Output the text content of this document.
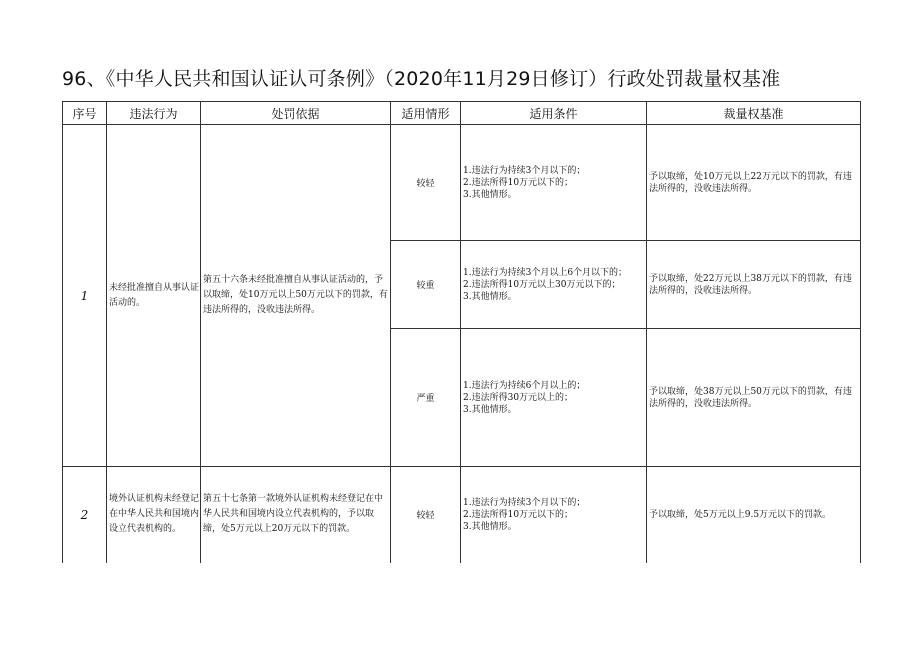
96、《中华人民共和国认证认可条例》（2020年11月29日修订）行政处罚裁量权基准
序号	违法行为	处罚依据	适用情形	适用条件	裁量权基准
1	未经批准擅自从事认证活动的。	第五十六条未经批准擅自从事认证活动的，予以取缔，处10万元以上50万元以下的罚款，有违法所得的，没收违法所得。	较轻	1.违法行为持续3个月以下的；
2.违法所得10万元以下的；
3.其他情形。	予以取缔，处10万元以上22万元以下的罚款，有违法所得的，没收违法所得。

			较重	1.违法行为持续3个月以上6个月以下的；
2.违法所得10万元以上30万元以下的；
3.其他情形。	予以取缔，处22万元以上38万元以下的罚款，有违法所得的，没收违法所得。

			严重	1.违法行为持续6个月以上的；
2.违法所得30万元以上的；
3.其他情形。	予以取缔，处38万元以上50万元以下的罚款，有违法所得的，没收违法所得。

2	境外认证机构未经登记在中华人民共和国境内设立代表机构的。	第五十七条第一款境外认证机构未经登记在中华人民共和国境内设立代表机构的，予以取缔，处5万元以上20万元以下的罚款。	较轻	1.违法行为持续3个月以下的；
2.违法所得10万元以下的；
3.其他情形。	予以取缔，处5万元以上9.5万元以下的罚款。
